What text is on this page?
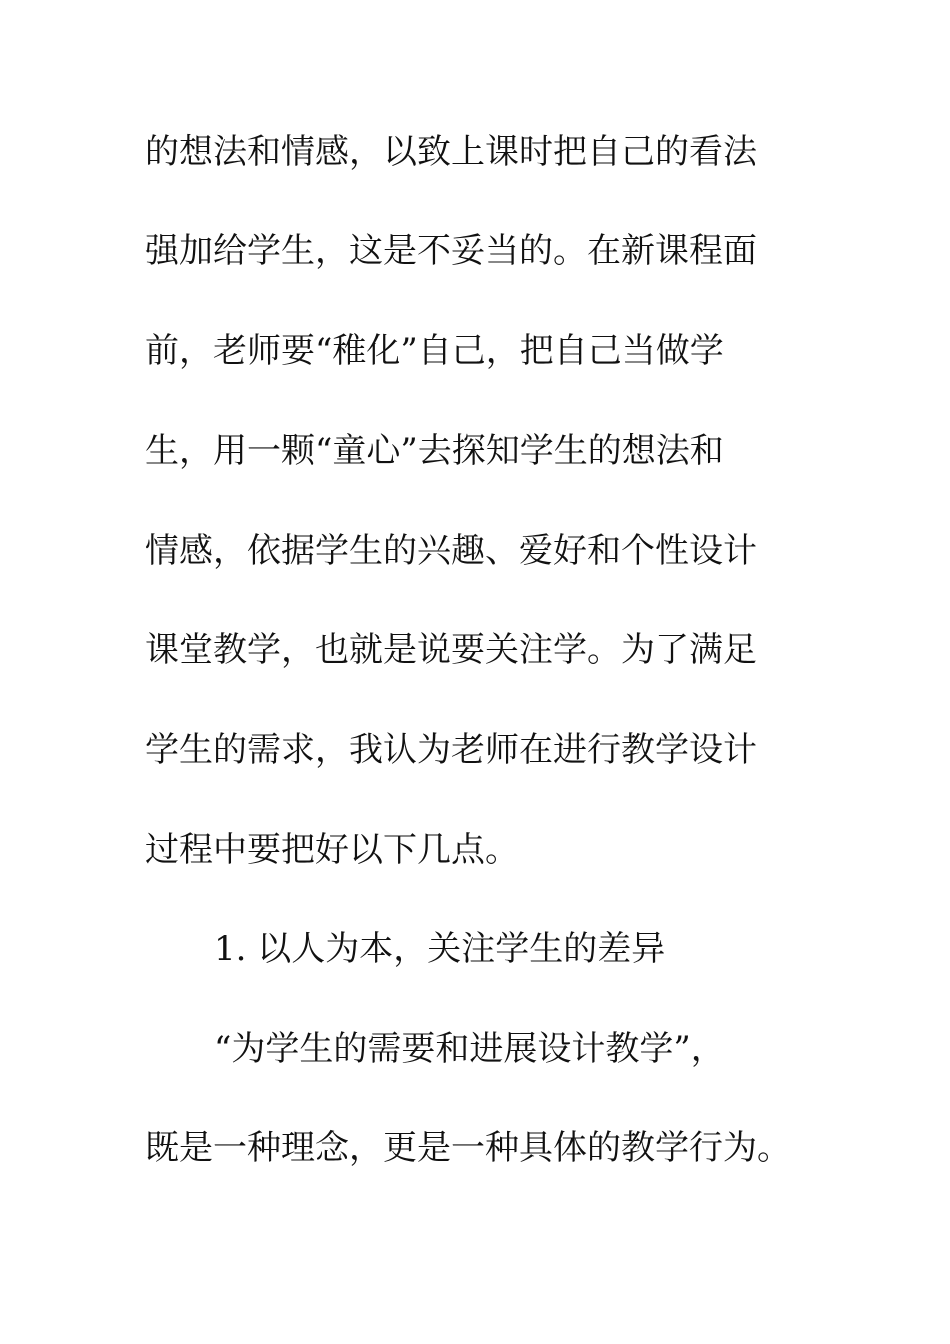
的想法和情感，以致上课时把自己的看法
强加给学生，这是不妥当的。在新课程面
前，老师要“稚化”自己，把自己当做学
生，用一颗“童心”去探知学生的想法和
情感，依据学生的兴趣、爱好和个性设计
课堂教学，也就是说要关注学。为了满足
学生的需求，我认为老师在进行教学设计
过程中要把好以下几点。
1. 以人为本，关注学生的差异
“为学生的需要和进展设计教学”，
既是一种理念，更是一种具体的教学行为。
